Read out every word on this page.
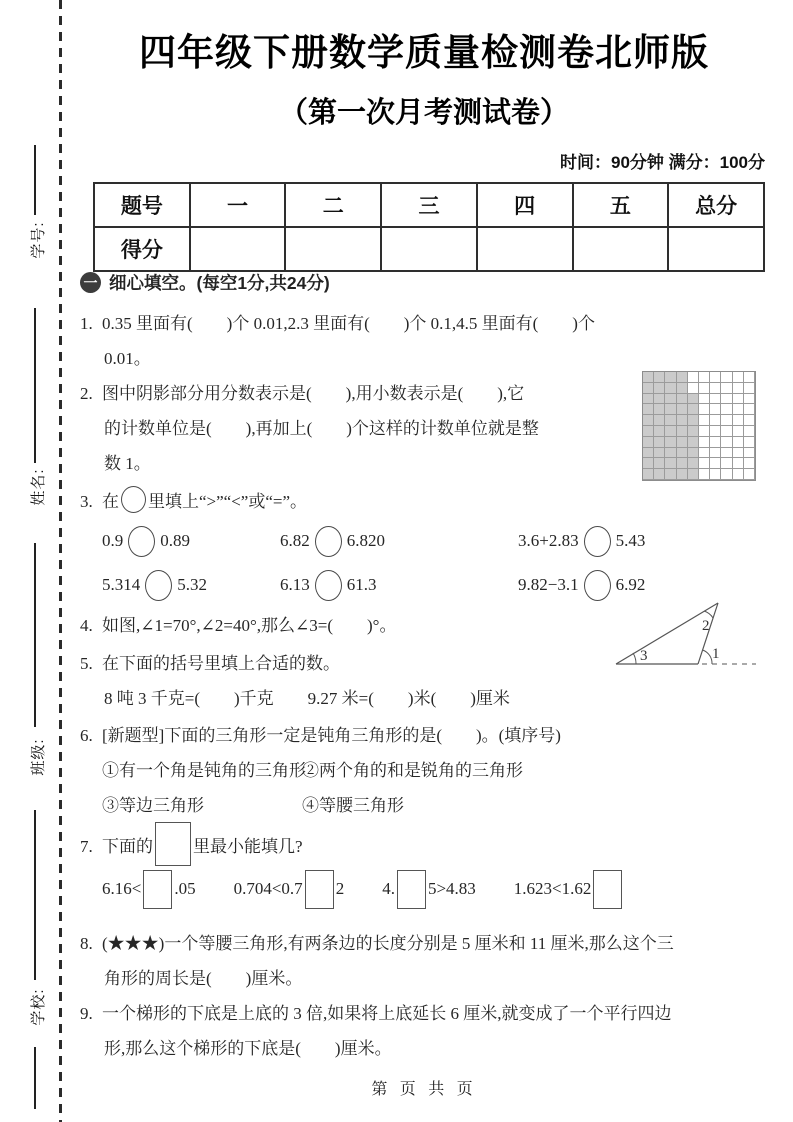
学号:
姓名:
班级:
学校:
四年级下册数学质量检测卷北师版
（第一次月考测试卷）
时间：90分钟 满分：100分
题号	一	二	三	四	五	总分
得分						
一 细心填空。(每空1分,共24分)
1. 0.35 里面有(        )个 0.01,2.3 里面有(        )个 0.1,4.5 里面有(        )个
0.01。
2. 图中阴影部分用分数表示是(        ),用小数表示是(        ),它
的计数单位是(        ),再加上(        )个这样的计数单位就是整
数 1。
3. 在 里填上“>”“<”或“=”。
0.9 0.89	6.82 6.820	3.6+2.83 5.43
5.314 5.32	6.13 61.3	9.82−3.1 6.92
4. 如图,∠1=70°,∠2=40°,那么∠3=(        )°。
3
2
1
5. 在下面的括号里填上合适的数。
8 吨 3 千克=(        )千克        9.27 米=(        )米(        )厘米
6. [新题型]下面的三角形一定是钝角三角形的是(        )。(填序号)
①有一个角是钝角的三角形
②两个角的和是锐角的三角形
③等边三角形	④等腰三角形
7. 下面的 里最小能填几?
6.16< .05 0.704<0.7 2 4. 5>4.83 1.623<1.62
8. (★★★)一个等腰三角形,有两条边的长度分别是 5 厘米和 11 厘米,那么这个三
角形的周长是(        )厘米。
9. 一个梯形的下底是上底的 3 倍,如果将上底延长 6 厘米,就变成了一个平行四边
形,那么这个梯形的下底是(        )厘米。
第 页 共 页
